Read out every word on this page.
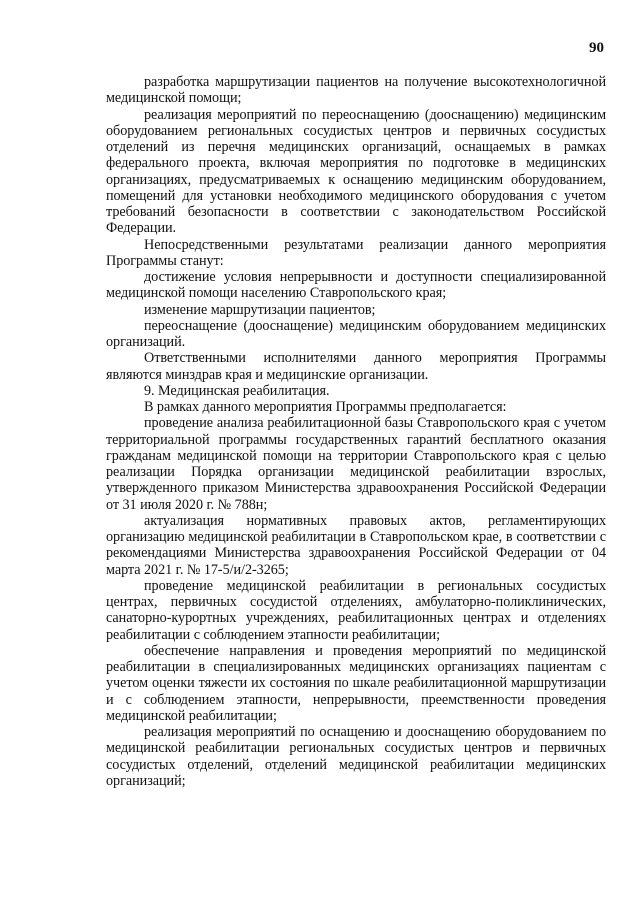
90

разработка маршрутизации пациентов на получение высокотехнологичной медицинской помощи;

реализация мероприятий по переоснащению (дооснащению) медицинским оборудованием региональных сосудистых центров и первичных сосудистых отделений из перечня медицинских организаций, оснащаемых в рамках федерального проекта, включая мероприятия по подготовке в медицинских организациях, предусматриваемых к оснащению медицинским оборудованием, помещений для установки необходимого медицинского оборудования с учетом требований безопасности в соответствии с законодательством Российской Федерации.

Непосредственными результатами реализации данного мероприятия Программы станут:

достижение условия непрерывности и доступности специализированной медицинской помощи населению Ставропольского края;

изменение маршрутизации пациентов;

переоснащение (дооснащение) медицинским оборудованием медицинских организаций.

Ответственными исполнителями данного мероприятия Программы являются минздрав края и медицинские организации.

9. Медицинская реабилитация.

В рамках данного мероприятия Программы предполагается:

проведение анализа реабилитационной базы Ставропольского края с учетом территориальной программы государственных гарантий бесплатного оказания гражданам медицинской помощи на территории Ставропольского края с целью реализации Порядка организации медицинской реабилитации взрослых, утвержденного приказом Министерства здравоохранения Российской Федерации от 31 июля 2020 г. № 788н;

актуализация нормативных правовых актов, регламентирующих организацию медицинской реабилитации в Ставропольском крае, в соответствии с рекомендациями Министерства здравоохранения Российской Федерации от 04 марта 2021 г. № 17-5/и/2-3265;

проведение медицинской реабилитации в региональных сосудистых центрах, первичных сосудистой отделениях, амбулаторно-поликлинических, санаторно-курортных учреждениях, реабилитационных центрах и отделениях реабилитации с соблюдением этапности реабилитации;

обеспечение направления и проведения мероприятий по медицинской реабилитации в специализированных медицинских организациях пациентам с учетом оценки тяжести их состояния по шкале реабилитационной маршрутизации и с соблюдением этапности, непрерывности, преемственности проведения медицинской реабилитации;

реализация мероприятий по оснащению и дооснащению оборудованием по медицинской реабилитации региональных сосудистых центров и первичных сосудистых отделений, отделений медицинской реабилитации медицинских организаций;
